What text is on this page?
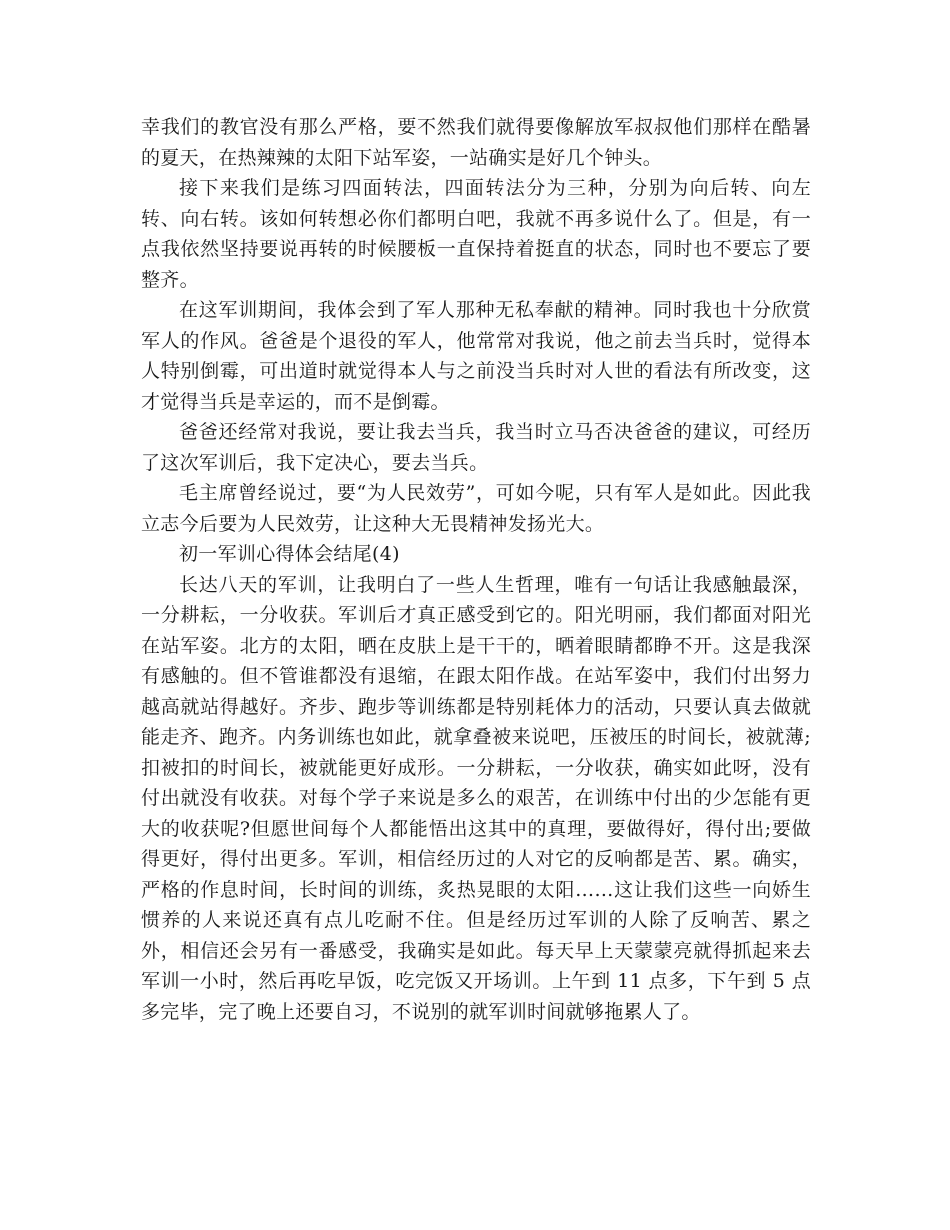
幸我们的教官没有那么严格，要不然我们就得要像解放军叔叔他们那样在酷暑的夏天，在热辣辣的太阳下站军姿，一站确实是好几个钟头。

接下来我们是练习四面转法，四面转法分为三种，分别为向后转、向左转、向右转。该如何转想必你们都明白吧，我就不再多说什么了。但是，有一点我依然坚持要说再转的时候腰板一直保持着挺直的状态，同时也不要忘了要整齐。

在这军训期间，我体会到了军人那种无私奉献的精神。同时我也十分欣赏军人的作风。爸爸是个退役的军人，他常常对我说，他之前去当兵时，觉得本人特别倒霉，可出道时就觉得本人与之前没当兵时对人世的看法有所改变，这才觉得当兵是幸运的，而不是倒霉。

爸爸还经常对我说，要让我去当兵，我当时立马否决爸爸的建议，可经历了这次军训后，我下定决心，要去当兵。

毛主席曾经说过，要“为人民效劳”，可如今呢，只有军人是如此。因此我立志今后要为人民效劳，让这种大无畏精神发扬光大。

初一军训心得体会结尾(4)

长达八天的军训，让我明白了一些人生哲理，唯有一句话让我感触最深，一分耕耘，一分收获。军训后才真正感受到它的。阳光明丽，我们都面对阳光在站军姿。北方的太阳，晒在皮肤上是干干的，晒着眼睛都睁不开。这是我深有感触的。但不管谁都没有退缩，在跟太阳作战。在站军姿中，我们付出努力越高就站得越好。齐步、跑步等训练都是特别耗体力的活动，只要认真去做就能走齐、跑齐。内务训练也如此，就拿叠被来说吧，压被压的时间长，被就薄;扣被扣的时间长，被就能更好成形。一分耕耘，一分收获，确实如此呀，没有付出就没有收获。对每个学子来说是多么的艰苦，在训练中付出的少怎能有更大的收获呢?但愿世间每个人都能悟出这其中的真理，要做得好，得付出;要做得更好，得付出更多。军训，相信经历过的人对它的反响都是苦、累。确实，严格的作息时间，长时间的训练，炙热晃眼的太阳……这让我们这些一向娇生惯养的人来说还真有点儿吃耐不住。但是经历过军训的人除了反响苦、累之外，相信还会另有一番感受，我确实是如此。每天早上天蒙蒙亮就得抓起来去军训一小时，然后再吃早饭，吃完饭又开场训。上午到 11 点多，下午到 5 点多完毕，完了晚上还要自习，不说别的就军训时间就够拖累人了。
